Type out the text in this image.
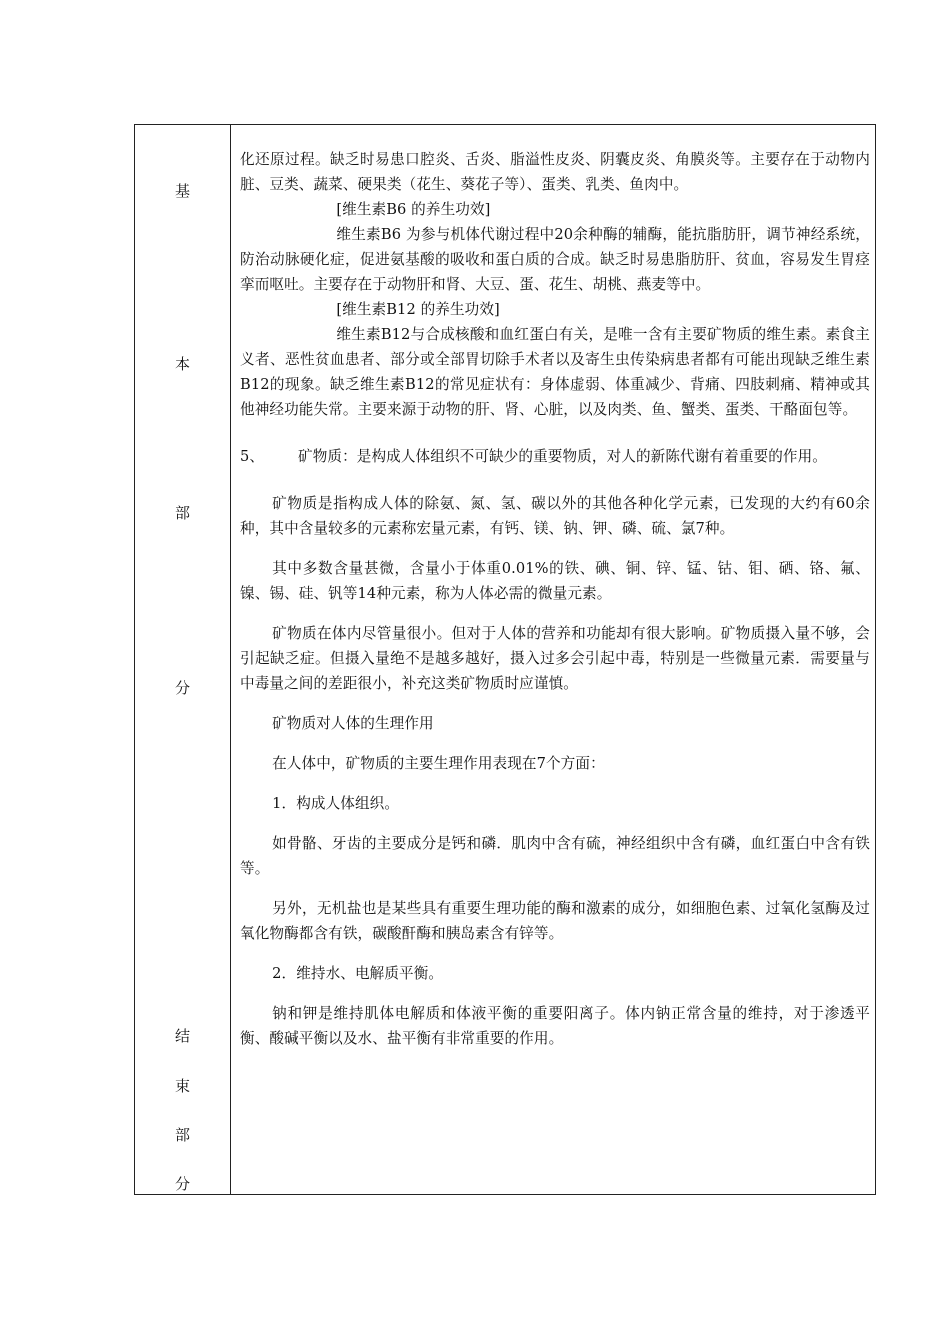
基
本
部
分
结
束
部
分

化还原过程。缺乏时易患口腔炎、舌炎、脂溢性皮炎、阴囊皮炎、角膜炎等。主要存在于动物内脏、豆类、蔬菜、硬果类（花生、葵花子等）、蛋类、乳类、鱼肉中。

[维生素B6 的养生功效]

维生素B6 为参与机体代谢过程中20余种酶的辅酶，能抗脂肪肝，调节神经系统，防治动脉硬化症，促进氨基酸的吸收和蛋白质的合成。缺乏时易患脂肪肝、贫血，容易发生胃痉挛而呕吐。主要存在于动物肝和肾、大豆、蛋、花生、胡桃、燕麦等中。

[维生素B12 的养生功效]

维生素B12与合成核酸和血红蛋白有关，是唯一含有主要矿物质的维生素。素食主义者、恶性贫血患者、部分或全部胃切除手术者以及寄生虫传染病患者都有可能出现缺乏维生素B12的现象。缺乏维生素B12的常见症状有：身体虚弱、体重减少、背痛、四肢刺痛、精神或其他神经功能失常。主要来源于动物的肝、肾、心脏，以及肉类、鱼、蟹类、蛋类、干酪面包等。

5、 矿物质：是构成人体组织不可缺少的重要物质，对人的新陈代谢有着重要的作用。

矿物质是指构成人体的除氨、氮、氢、碳以外的其他各种化学元素，已发现的大约有60余种，其中含量较多的元素称宏量元素，有钙、镁、钠、钾、磷、硫、氯7种。

其中多数含量甚微，含量小于体重0.01%的铁、碘、铜、锌、锰、钴、钼、硒、铬、氟、镍、锡、硅、钒等14种元素，称为人体必需的微量元素。

矿物质在体内尽管量很小。但对于人体的营养和功能却有很大影响。矿物质摄入量不够，会引起缺乏症。但摄入量绝不是越多越好，摄入过多会引起中毒，特别是一些微量元素．需要量与中毒量之间的差距很小，补充这类矿物质时应谨慎。

矿物质对人体的生理作用

在人体中，矿物质的主要生理作用表现在7个方面：

1．构成人体组织。

如骨骼、牙齿的主要成分是钙和磷．肌肉中含有硫，神经组织中含有磷，血红蛋白中含有铁等。

另外，无机盐也是某些具有重要生理功能的酶和激素的成分，如细胞色素、过氧化氢酶及过氧化物酶都含有铁，碳酸酐酶和胰岛素含有锌等。

2．维持水、电解质平衡。

钠和钾是维持肌体电解质和体液平衡的重要阳离子。体内钠正常含量的维持，对于渗透平衡、酸碱平衡以及水、盐平衡有非常重要的作用。
